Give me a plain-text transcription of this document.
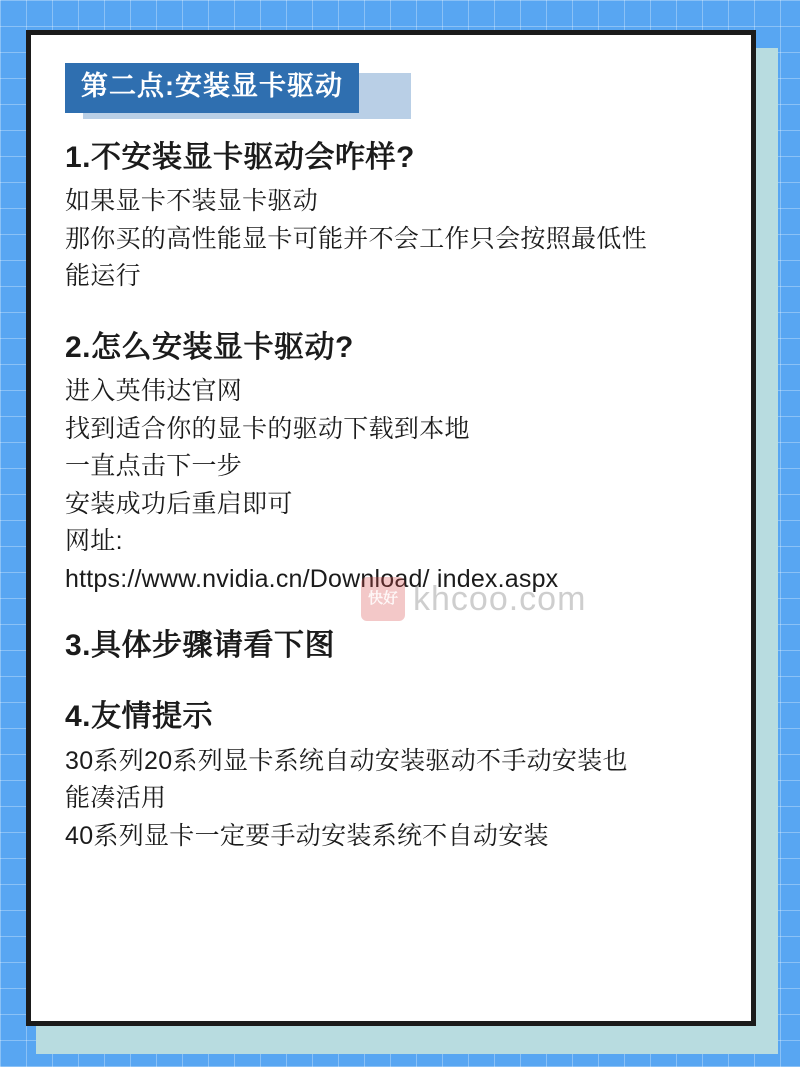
第二点:安装显卡驱动
1.不安装显卡驱动会咋样?

如果显卡不装显卡驱动

那你买的高性能显卡可能并不会工作只会按照最低性

能运行

2.怎么安装显卡驱动?

进入英伟达官网

找到适合你的显卡的驱动下载到本地

一直点击下一步

安装成功后重启即可

网址:

https://www.nvidia.cn/Download/ index.aspx

3.具体步骤请看下图
4.友情提示

30系列20系列显卡系统自动安装驱动不手动安装也

能凑活用

40系列显卡一定要手动安装系统不自动安装

快好 khcoo.com
